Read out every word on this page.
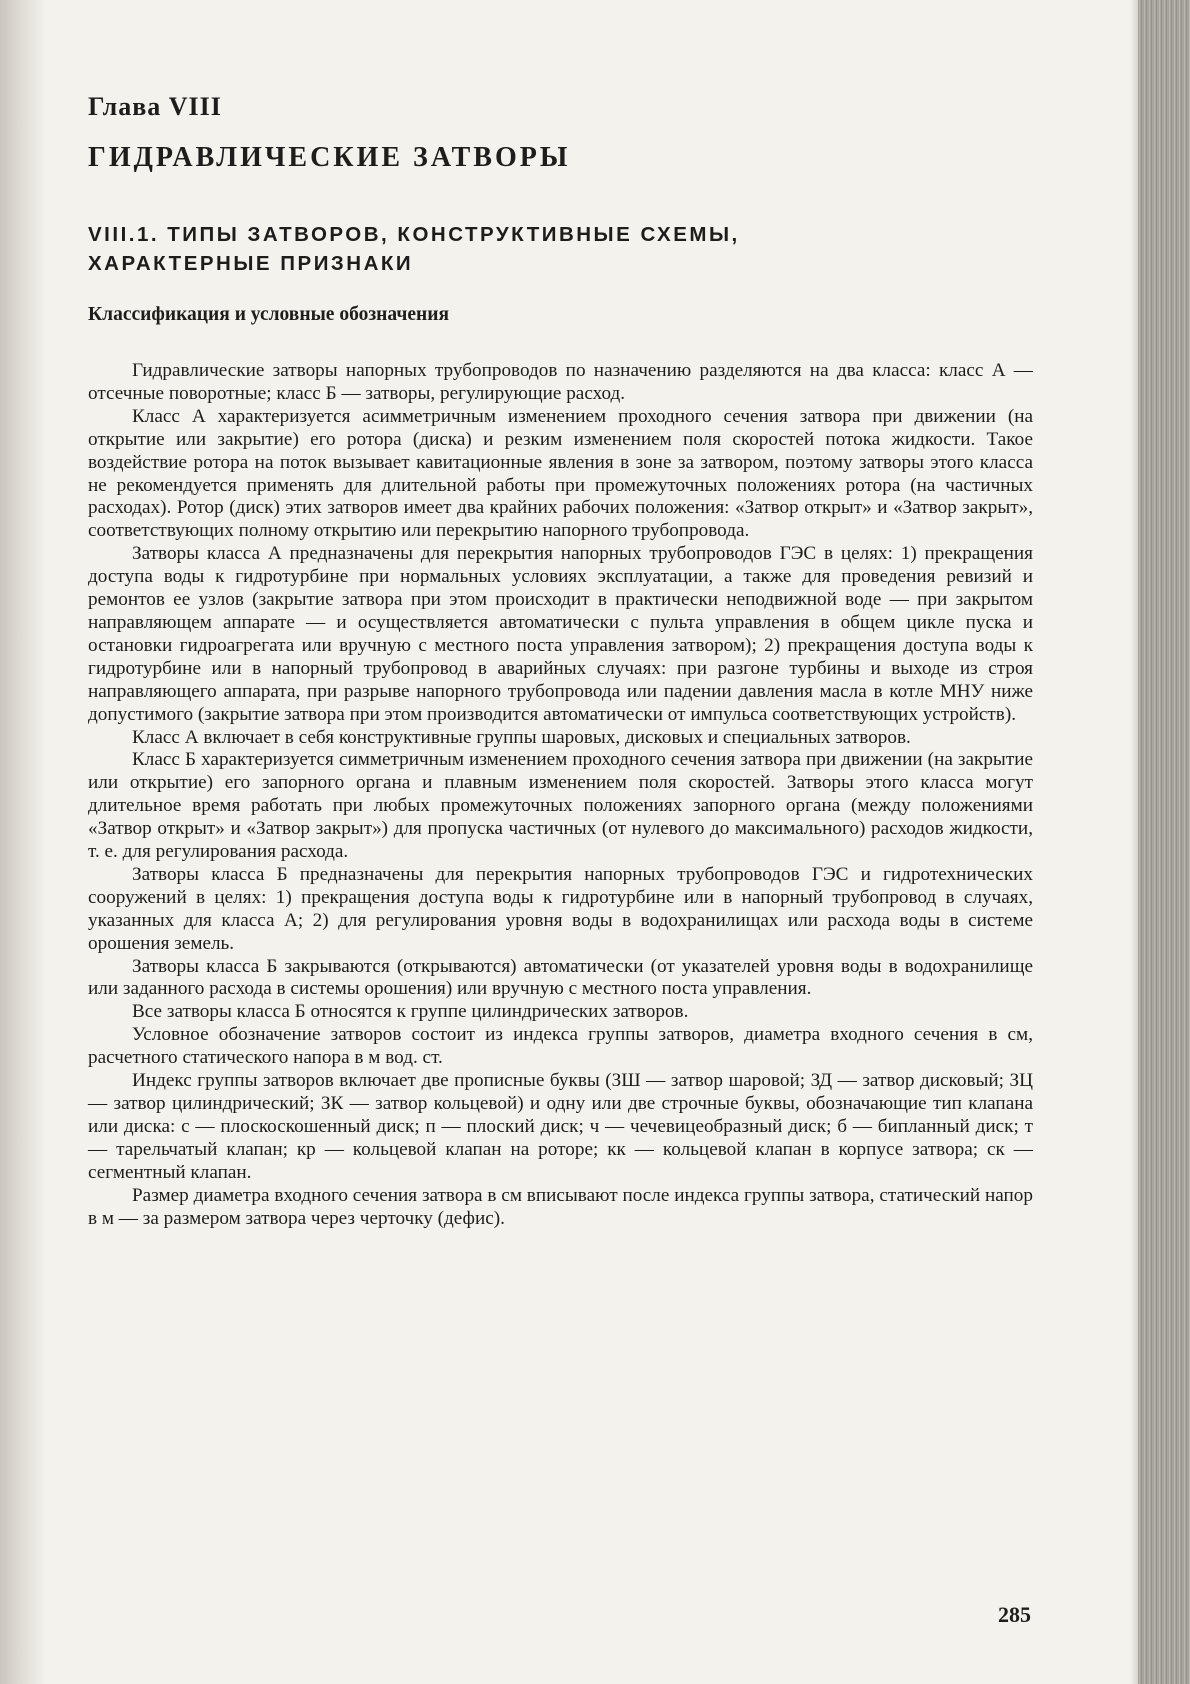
Глава VIII
ГИДРАВЛИЧЕСКИЕ ЗАТВОРЫ
VIII.1. ТИПЫ ЗАТВОРОВ, КОНСТРУКТИВНЫЕ СХЕМЫ, ХАРАКТЕРНЫЕ ПРИЗНАКИ
Классификация и условные обозначения

Гидравлические затворы напорных трубопроводов по назначению разделяются на два класса: класс А — отсечные поворотные; класс Б — затворы, регулирующие расход.

Класс А характеризуется асимметричным изменением проходного сечения затвора при движении (на открытие или закрытие) его ротора (диска) и резким изменением поля скоростей потока жидкости. Такое воздействие ротора на поток вызывает кавитационные явления в зоне за затвором, поэтому затворы этого класса не рекомендуется применять для длительной работы при промежуточных положениях ротора (на частичных расходах). Ротор (диск) этих затворов имеет два крайних рабочих положения: «Затвор открыт» и «Затвор закрыт», соответствующих полному открытию или перекрытию напорного трубопровода.

Затворы класса А предназначены для перекрытия напорных трубопроводов ГЭС в целях: 1) прекращения доступа воды к гидротурбине при нормальных условиях эксплуатации, а также для проведения ревизий и ремонтов ее узлов (закрытие затвора при этом происходит в практически неподвижной воде — при закрытом направляющем аппарате — и осуществляется автоматически с пульта управления в общем цикле пуска и остановки гидроагрегата или вручную с местного поста управления затвором); 2) прекращения доступа воды к гидротурбине или в напорный трубопровод в аварийных случаях: при разгоне турбины и выходе из строя направляющего аппарата, при разрыве напорного трубопровода или падении давления масла в котле МНУ ниже допустимого (закрытие затвора при этом производится автоматически от импульса соответствующих устройств).

Класс А включает в себя конструктивные группы шаровых, дисковых и специальных затворов.

Класс Б характеризуется симметричным изменением проходного сечения затвора при движении (на закрытие или открытие) его запорного органа и плавным изменением поля скоростей. Затворы этого класса могут длительное время работать при любых промежуточных положениях запорного органа (между положениями «Затвор открыт» и «Затвор закрыт») для пропуска частичных (от нулевого до максимального) расходов жидкости, т. е. для регулирования расхода.

Затворы класса Б предназначены для перекрытия напорных трубопроводов ГЭС и гидротехнических сооружений в целях: 1) прекращения доступа воды к гидротурбине или в напорный трубопровод в случаях, указанных для класса А; 2) для регулирования уровня воды в водохранилищах или расхода воды в системе орошения земель.

Затворы класса Б закрываются (открываются) автоматически (от указателей уровня воды в водохранилище или заданного расхода в системы орошения) или вручную с местного поста управления.

Все затворы класса Б относятся к группе цилиндрических затворов.

Условное обозначение затворов состоит из индекса группы затворов, диаметра входного сечения в см, расчетного статического напора в м вод. ст.

Индекс группы затворов включает две прописные буквы (ЗШ — затвор шаровой; ЗД — затвор дисковый; ЗЦ — затвор цилиндрический; ЗК — затвор кольцевой) и одну или две строчные буквы, обозначающие тип клапана или диска: с — плоскоскошенный диск; п — плоский диск; ч — чечевицеобразный диск; б — бипланный диск; т — тарельчатый клапан; кр — кольцевой клапан на роторе; кк — кольцевой клапан в корпусе затвора; ск — сегментный клапан.

Размер диаметра входного сечения затвора в см вписывают после индекса группы затвора, статический напор в м — за размером затвора через черточку (дефис).

285
